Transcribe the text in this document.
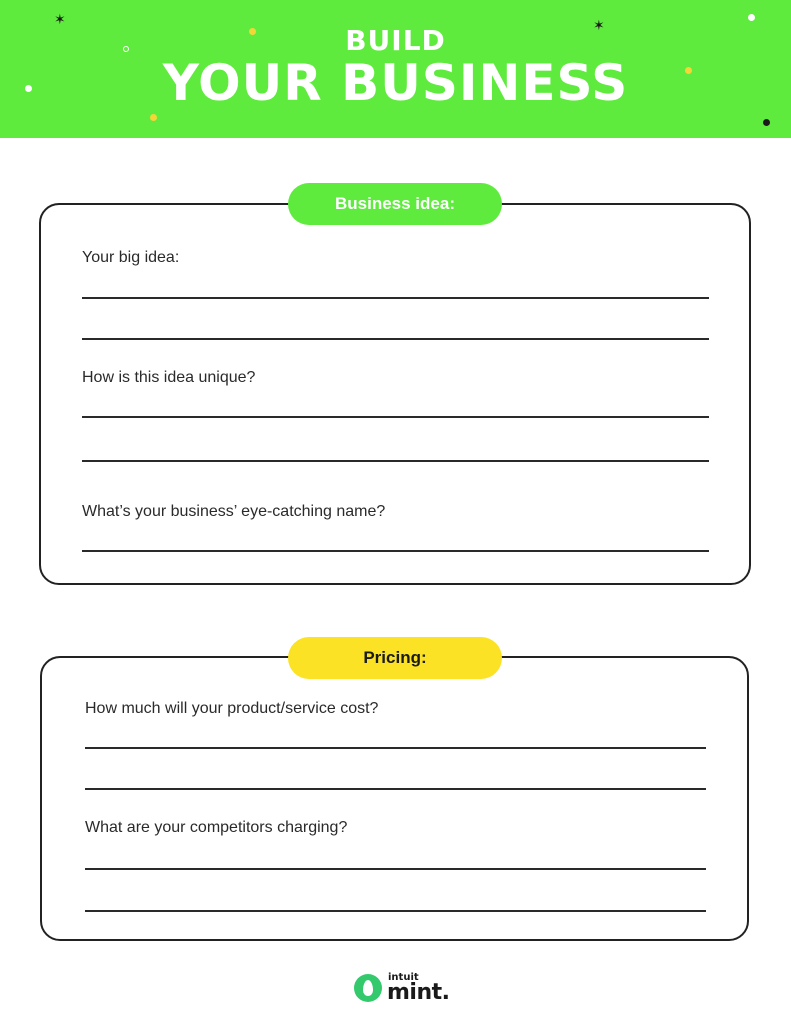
BUILD
YOUR BUSINESS
✶	✶
Business idea:
Your big idea:
How is this idea unique?
What’s your business’ eye-catching name?
Pricing:
How much will your product/service cost?
What are your competitors charging?
intuit
mint.
